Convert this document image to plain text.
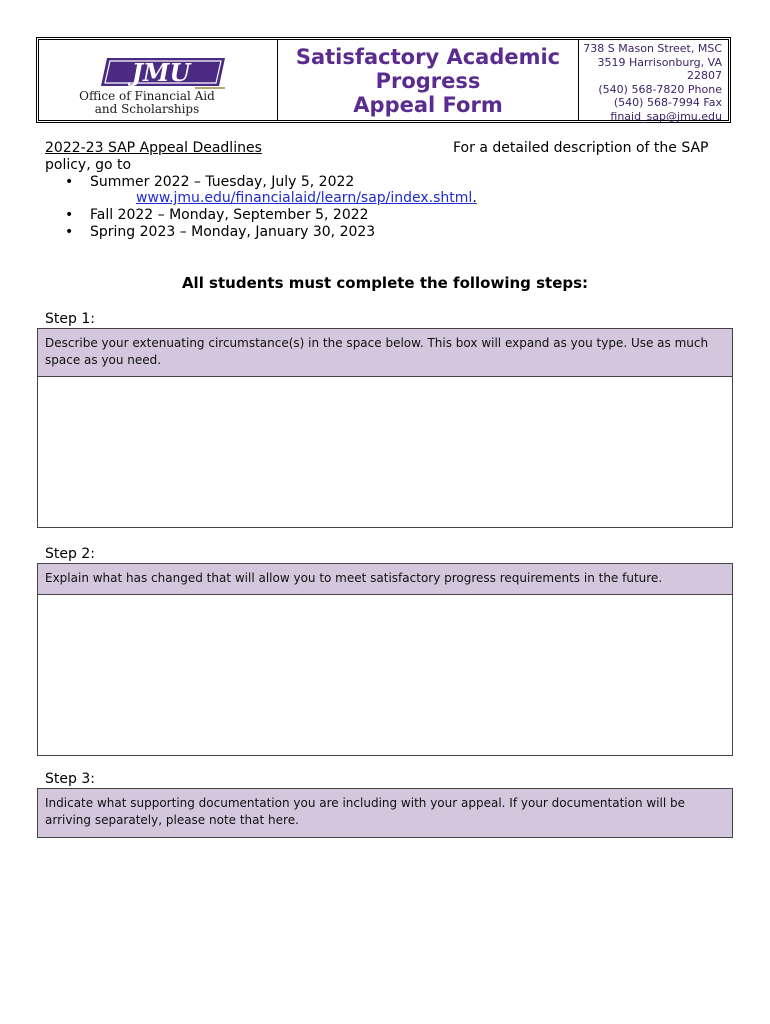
JMU
Office of Financial Aid
and Scholarships
Satisfactory Academic
Progress
Appeal Form
738 S Mason Street, MSC
3519 Harrisonburg, VA
22807
(540) 568-7820 Phone
(540) 568-7994 Fax
finaid_sap@jmu.edu
2022-23 SAP Appeal Deadlines	For a detailed description of the SAP
policy, go to
• Summer 2022 – Tuesday, July 5, 2022
www.jmu.edu/financialaid/learn/sap/index.shtml.
• Fall 2022 – Monday, September 5, 2022
• Spring 2023 – Monday, January 30, 2023
All students must complete the following steps:
Step 1:
Describe your extenuating circumstance(s) in the space below. This box will expand as you type. Use as much space as you need.
Step 2:
Explain what has changed that will allow you to meet satisfactory progress requirements in the future.
Step 3:
Indicate what supporting documentation you are including with your appeal. If your documentation will be arriving separately, please note that here.
